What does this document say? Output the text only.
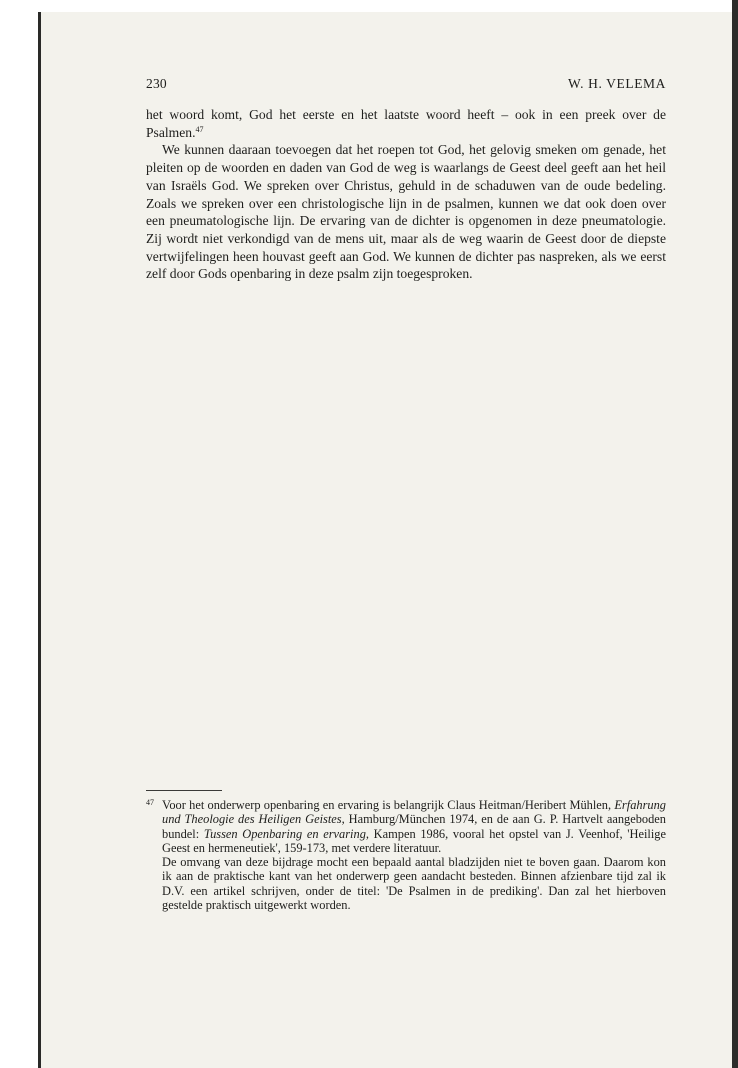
230	W. H. VELEMA

het woord komt, God het eerste en het laatste woord heeft – ook in een preek over de Psalmen.$^{47}$

We kunnen daaraan toevoegen dat het roepen tot God, het gelovig smeken om genade, het pleiten op de woorden en daden van God de weg is waarlangs de Geest deel geeft aan het heil van Israëls God. We spreken over Christus, gehuld in de schaduwen van de oude bedeling. Zoals we spreken over een christologische lijn in de psalmen, kunnen we dat ook doen over een pneumatologische lijn. De ervaring van de dichter is opgenomen in deze pneumatologie. Zij wordt niet verkondigd van de mens uit, maar als de weg waarin de Geest door de diepste vertwijfelingen heen houvast geeft aan God. We kunnen de dichter pas naspreken, als we eerst zelf door Gods openbaring in deze psalm zijn toegesproken.

47 Voor het onderwerp openbaring en ervaring is belangrijk Claus Heitman/Heribert Mühlen, Erfahrung und Theologie des Heiligen Geistes, Hamburg/München 1974, en de aan G. P. Hartvelt aangeboden bundel: Tussen Openbaring en ervaring, Kampen 1986, vooral het opstel van J. Veenhof, 'Heilige Geest en hermeneutiek', 159-173, met verdere literatuur.

De omvang van deze bijdrage mocht een bepaald aantal bladzijden niet te boven gaan. Daarom kon ik aan de praktische kant van het onderwerp geen aandacht besteden. Binnen afzienbare tijd zal ik D.V. een artikel schrijven, onder de titel: 'De Psalmen in de prediking'. Dan zal het hierboven gestelde praktisch uitgewerkt worden.
